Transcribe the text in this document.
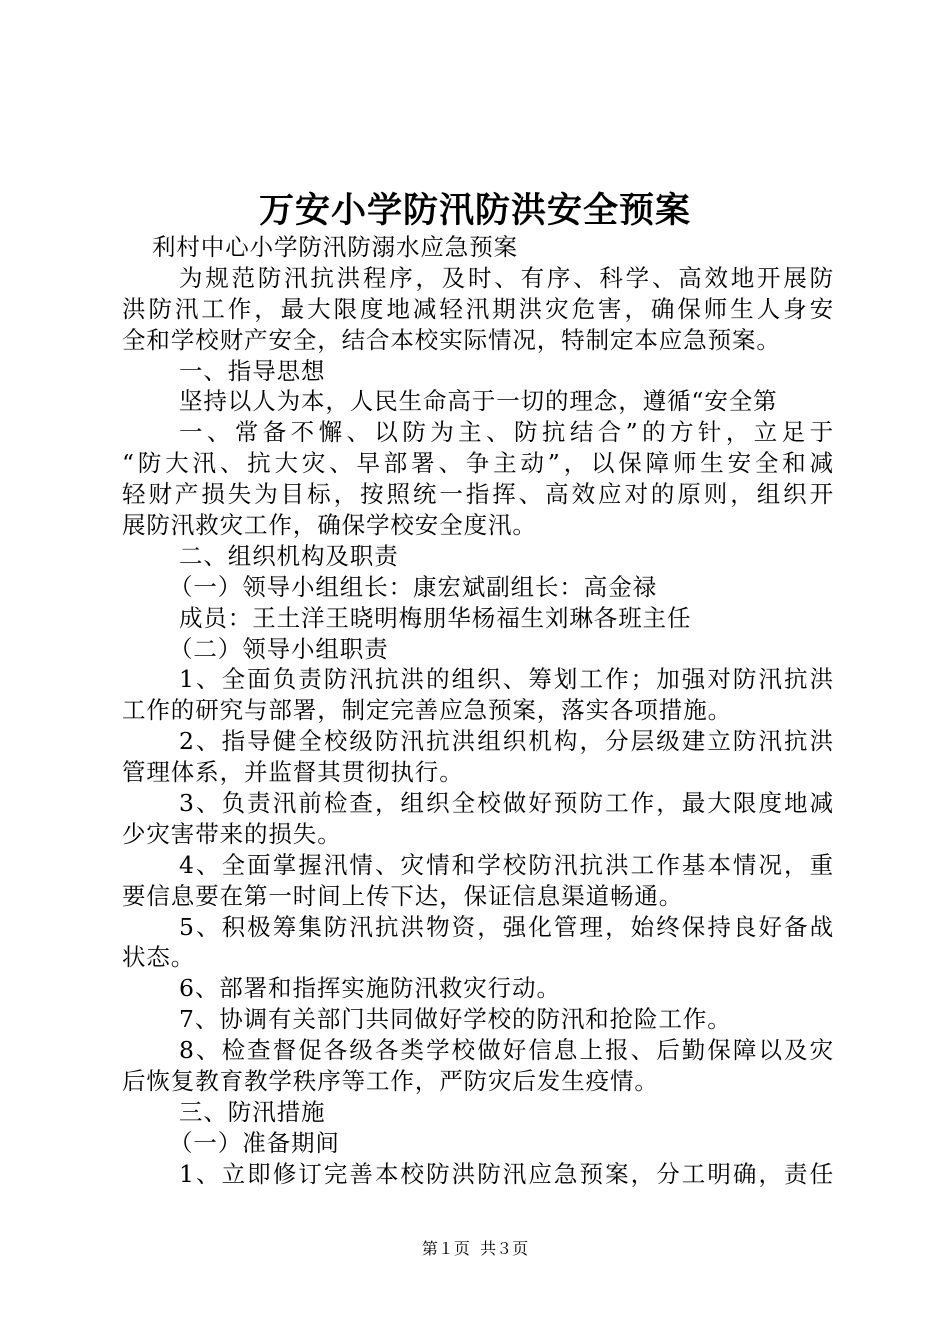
万安小学防汛防洪安全预案
利村中心小学防汛防溺水应急预案
为规范防汛抗洪程序，及时、有序、科学、高效地开展防
洪防汛工作，最大限度地减轻汛期洪灾危害，确保师生人身安
全和学校财产安全，结合本校实际情况，特制定本应急预案。
一、指导思想
坚持以人为本，人民生命高于一切的理念，遵循“安全第
一、常备不懈、以防为主、防抗结合”的方针，立足于
“防大汛、抗大灾、早部署、争主动”，以保障师生安全和减
轻财产损失为目标，按照统一指挥、高效应对的原则，组织开
展防汛救灾工作，确保学校安全度汛。
二、组织机构及职责
（一）领导小组组长：康宏斌副组长：高金禄
成员：王土洋王晓明梅朋华杨福生刘琳各班主任
（二）领导小组职责
1、全面负责防汛抗洪的组织、筹划工作；加强对防汛抗洪
工作的研究与部署，制定完善应急预案，落实各项措施。
2、指导健全校级防汛抗洪组织机构，分层级建立防汛抗洪
管理体系，并监督其贯彻执行。
3、负责汛前检查，组织全校做好预防工作，最大限度地减
少灾害带来的损失。
4、全面掌握汛情、灾情和学校防汛抗洪工作基本情况，重
要信息要在第一时间上传下达，保证信息渠道畅通。
5、积极筹集防汛抗洪物资，强化管理，始终保持良好备战
状态。
6、部署和指挥实施防汛救灾行动。
7、协调有关部门共同做好学校的防汛和抢险工作。
8、检查督促各级各类学校做好信息上报、后勤保障以及灾
后恢复教育教学秩序等工作，严防灾后发生疫情。
三、防汛措施
（一）准备期间
1、立即修订完善本校防洪防汛应急预案，分工明确，责任
第１页  共３页
